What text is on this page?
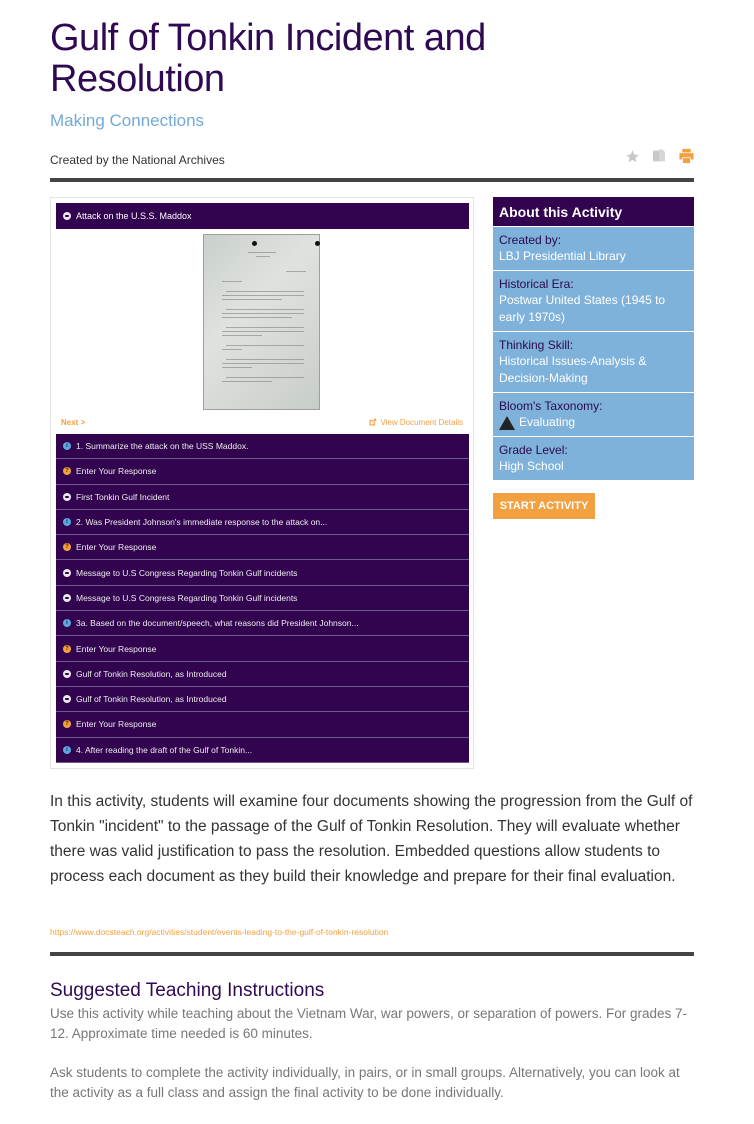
Gulf of Tonkin Incident and Resolution
Making Connections
Created by the National Archives
Attack on the U.S.S. Maddox
Next >	View Document Details
i 1. Summarize the attack on the USS Maddox.
? Enter Your Response
First Tonkin Gulf Incident
i 2. Was President Johnson's immediate response to the attack on...
? Enter Your Response
Message to U.S Congress Regarding Tonkin Gulf incidents
Message to U.S Congress Regarding Tonkin Gulf incidents
i 3a. Based on the document/speech, what reasons did President Johnson...
? Enter Your Response
Gulf of Tonkin Resolution, as Introduced
Gulf of Tonkin Resolution, as Introduced
? Enter Your Response
i 4. After reading the draft of the Gulf of Tonkin...
About this Activity
Created by:
LBJ Presidential Library
Historical Era:
Postwar United States (1945 to early 1970s)
Thinking Skill:
Historical Issues-Analysis & Decision-Making
Bloom's Taxonomy:
Evaluating
Grade Level:
High School
START ACTIVITY

In this activity, students will examine four documents showing the progression from the Gulf of Tonkin "incident" to the passage of the Gulf of Tonkin Resolution. They will evaluate whether there was valid justification to pass the resolution. Embedded questions allow students to process each document as they build their knowledge and prepare for their final evaluation.

https://www.docsteach.org/activities/student/events-leading-to-the-gulf-of-tonkin-resolution
Suggested Teaching Instructions

Use this activity while teaching about the Vietnam War, war powers, or separation of powers. For grades 7-12. Approximate time needed is 60 minutes.

Ask students to complete the activity individually, in pairs, or in small groups. Alternatively, you can look at the activity as a full class and assign the final activity to be done individually.
